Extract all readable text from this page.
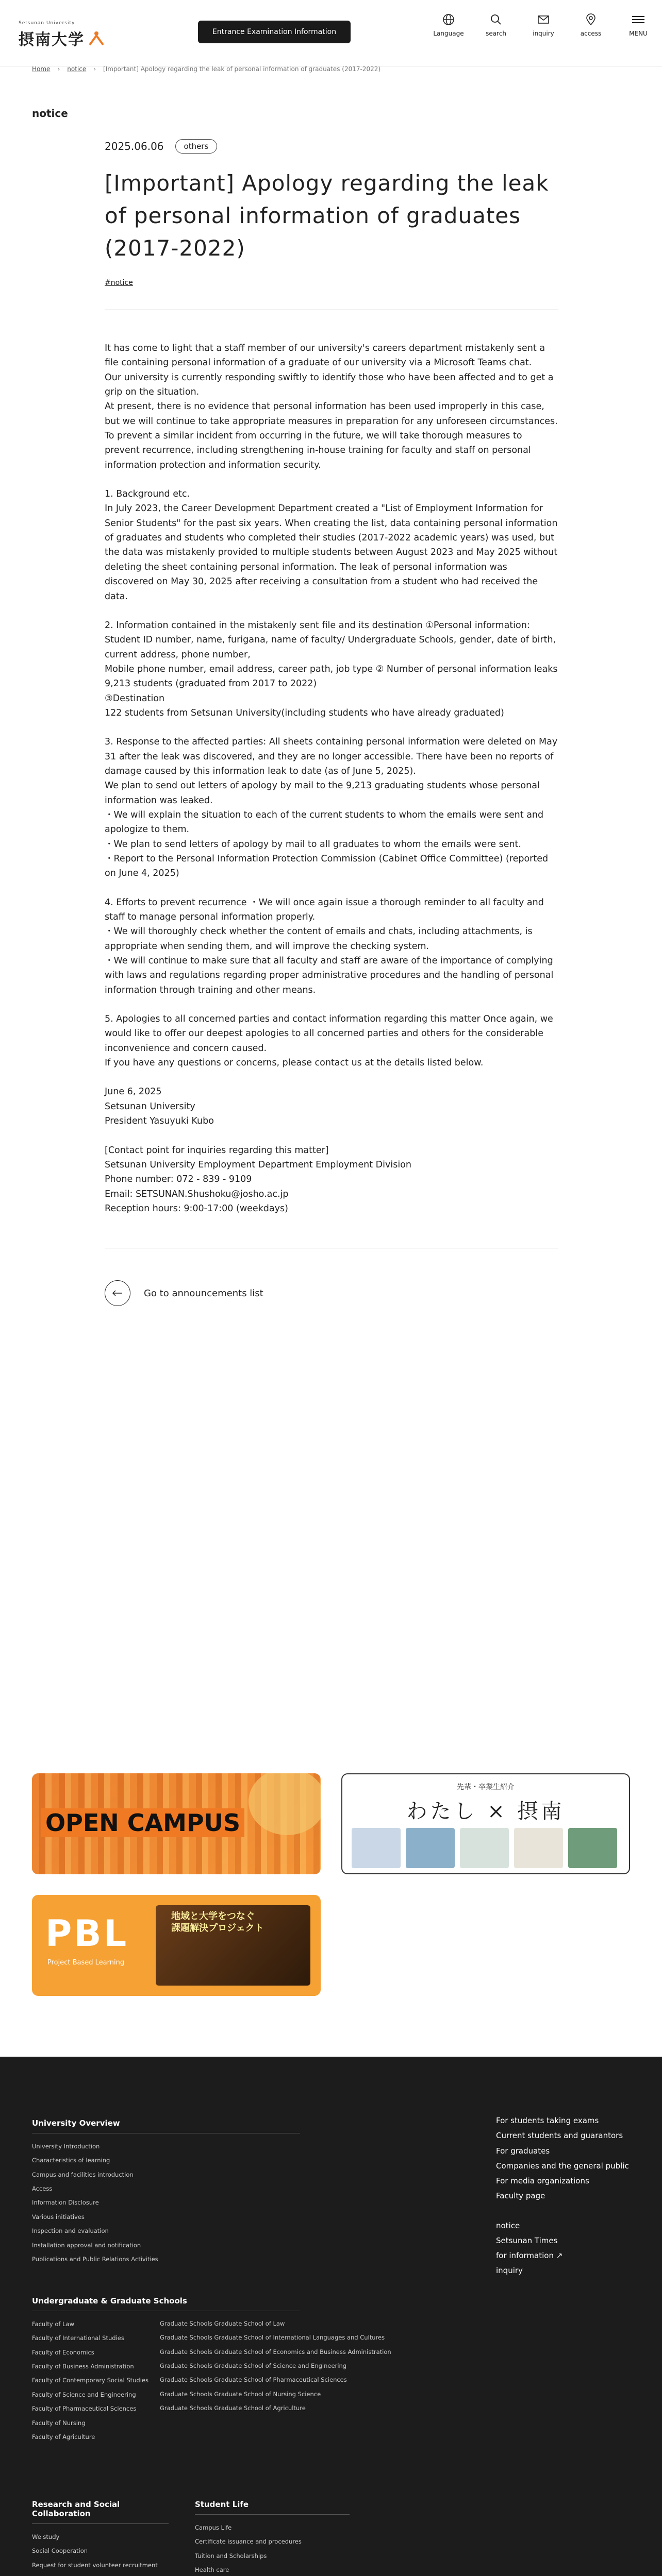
Setsunan University
摂南大学	Entrance Examination Information	Language	search	inquiry	access	MENU
Home › notice › [Important] Apology regarding the leak of personal information of graduates (2017-2022)
notice
2025.06.06	others
[Important] Apology regarding the leak of personal information of graduates (2017-2022)
#notice

It has come to light that a staff member of our university's careers department mistakenly sent a file containing personal information of a graduate of our university via a Microsoft Teams chat.

Our university is currently responding swiftly to identify those who have been affected and to get a grip on the situation.

At present, there is no evidence that personal information has been used improperly in this case, but we will continue to take appropriate measures in preparation for any unforeseen circumstances.

To prevent a similar incident from occurring in the future, we will take thorough measures to prevent recurrence, including strengthening in-house training for faculty and staff on personal information protection and information security.

1. Background etc.

In July 2023, the Career Development Department created a "List of Employment Information for Senior Students" for the past six years. When creating the list, data containing personal information of graduates and students who completed their studies (2017-2022 academic years) was used, but the data was mistakenly provided to multiple students between August 2023 and May 2025 without deleting the sheet containing personal information. The leak of personal information was discovered on May 30, 2025 after receiving a consultation from a student who had received the data.

2. Information contained in the mistakenly sent file and its destination ①Personal information: Student ID number, name, furigana, name of faculty/ Undergraduate Schools, gender, date of birth, current address, phone number,

Mobile phone number, email address, career path, job type ② Number of personal information leaks

9,213 students (graduated from 2017 to 2022)

③Destination

122 students from Setsunan University(including students who have already graduated)

3. Response to the affected parties: All sheets containing personal information were deleted on May 31 after the leak was discovered, and they are no longer accessible. There have been no reports of damage caused by this information leak to date (as of June 5, 2025).

We plan to send out letters of apology by mail to the 9,213 graduating students whose personal information was leaked.

・We will explain the situation to each of the current students to whom the emails were sent and apologize to them.

・We plan to send letters of apology by mail to all graduates to whom the emails were sent.

・Report to the Personal Information Protection Commission (Cabinet Office Committee) (reported on June 4, 2025)

4. Efforts to prevent recurrence ・We will once again issue a thorough reminder to all faculty and staff to manage personal information properly.

・We will thoroughly check whether the content of emails and chats, including attachments, is appropriate when sending them, and will improve the checking system.

・We will continue to make sure that all faculty and staff are aware of the importance of complying with laws and regulations regarding proper administrative procedures and the handling of personal information through training and other means.

5. Apologies to all concerned parties and contact information regarding this matter Once again, we would like to offer our deepest apologies to all concerned parties and others for the considerable inconvenience and concern caused.

If you have any questions or concerns, please contact us at the details listed below.

June 6, 2025

Setsunan University

President Yasuyuki Kubo

[Contact point for inquiries regarding this matter]

Setsunan University Employment Department Employment Division

Phone number: 072 - 839 - 9109

Email: SETSUNAN.Shushoku@josho.ac.jp

Reception hours: 9:00-17:00 (weekdays)

Go to announcements list
OPEN CAMPUS
先輩・卒業生紹介
わたし × 摂南
PBL
Project Based Learning
地域と大学をつなぐ
課題解決プロジェクト
University Overview
University Introduction
Characteristics of learning
Campus and facilities introduction
Access
Information Disclosure
Various initiatives
Inspection and evaluation
Installation approval and notification
Publications and Public Relations Activities
For students taking exams
Current students and guarantors
For graduates
Companies and the general public
For media organizations
Faculty page
notice
Setsunan Times
for information ↗
inquiry
Undergraduate & Graduate Schools
Faculty of Law
Faculty of International Studies
Faculty of Economics
Faculty of Business Administration
Faculty of Contemporary Social Studies
Faculty of Science and Engineering
Faculty of Pharmaceutical Sciences
Faculty of Nursing
Faculty of Agriculture
Graduate Schools Graduate School of Law
Graduate Schools Graduate School of International Languages and Cultures
Graduate Schools Graduate School of Economics and Business Administration
Graduate Schools Graduate School of Science and Engineering
Graduate Schools Graduate School of Pharmaceutical Sciences
Graduate Schools Graduate School of Nursing Science
Graduate Schools Graduate School of Agriculture
Research and Social Collaboration
We study
Social Cooperation
Request for student volunteer recruitment
Student Life
Campus Life
Certificate issuance and procedures
Tuition and Scholarships
Health care
